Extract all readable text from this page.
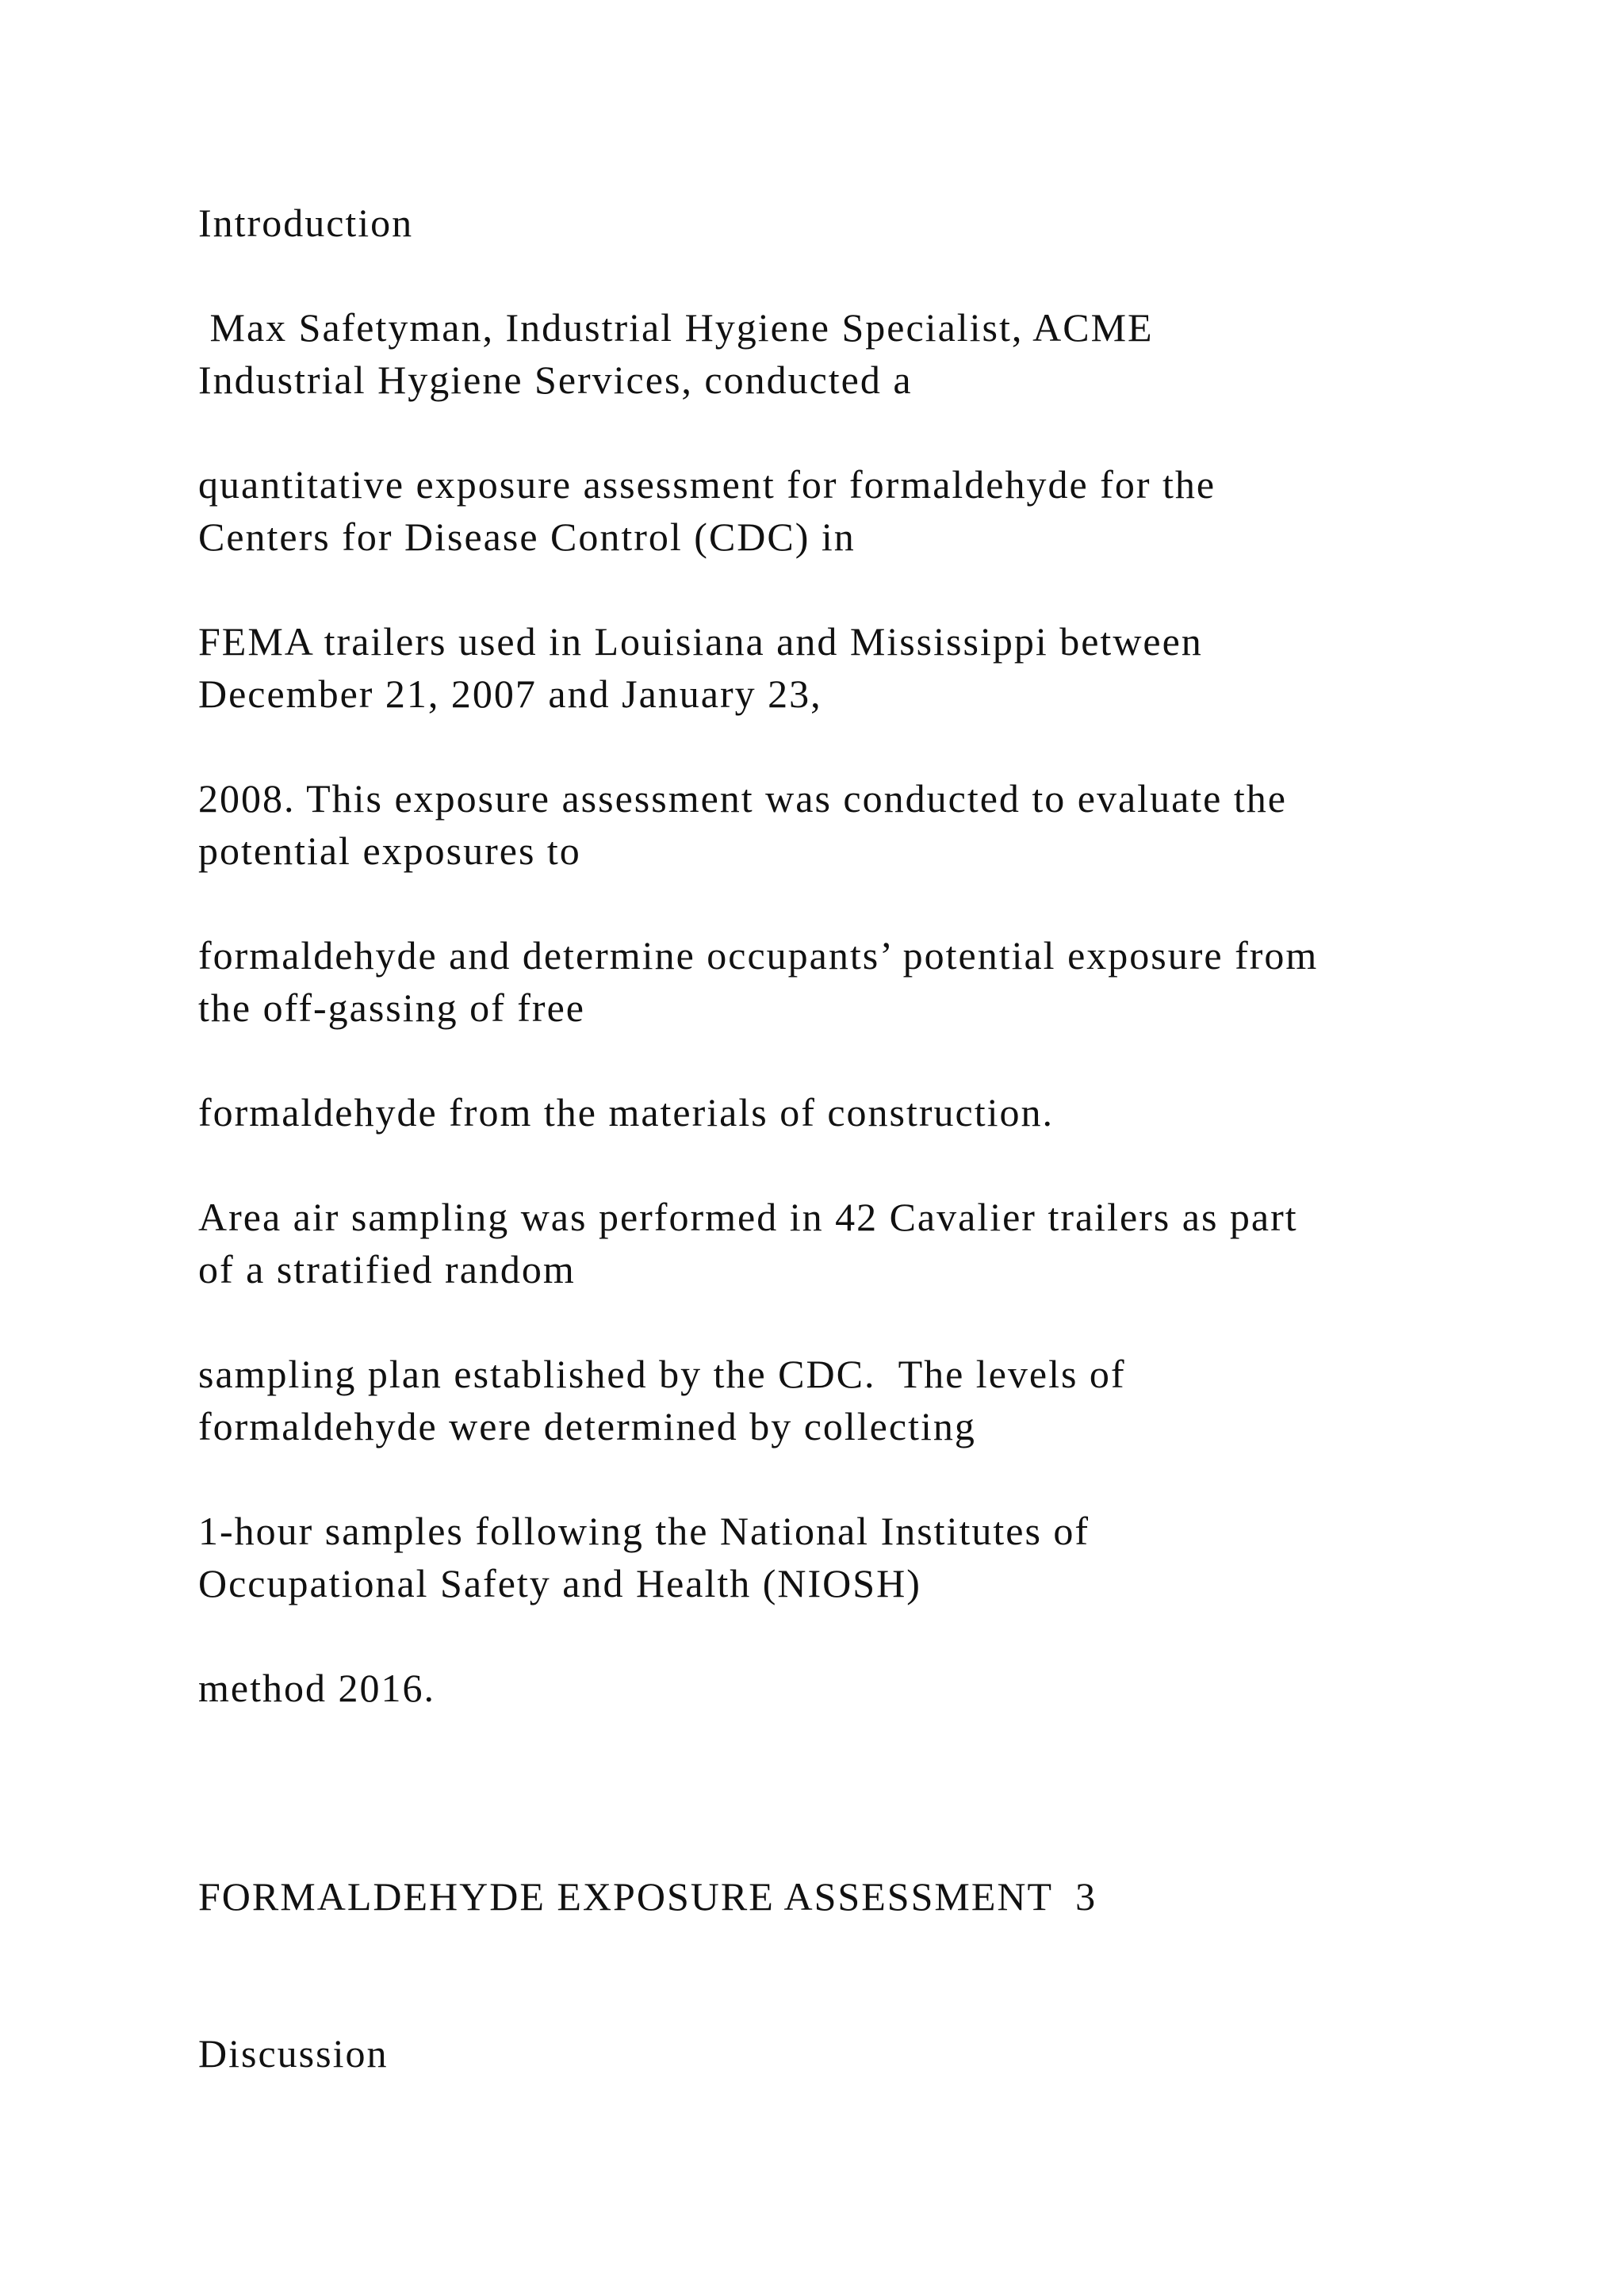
Introduction

Max Safetyman, Industrial Hygiene Specialist, ACME

Industrial Hygiene Services, conducted a

quantitative exposure assessment for formaldehyde for the

Centers for Disease Control (CDC) in

FEMA trailers used in Louisiana and Mississippi between

December 21, 2007 and January 23,

2008. This exposure assessment was conducted to evaluate the

potential exposures to

formaldehyde and determine occupants’ potential exposure from

the off-gassing of free

formaldehyde from the materials of construction.

Area air sampling was performed in 42 Cavalier trailers as part

of a stratified random

sampling plan established by the CDC.  The levels of

formaldehyde were determined by collecting

1-hour samples following the National Institutes of

Occupational Safety and Health (NIOSH)

method 2016.

FORMALDEHYDE EXPOSURE ASSESSMENT  3

Discussion
